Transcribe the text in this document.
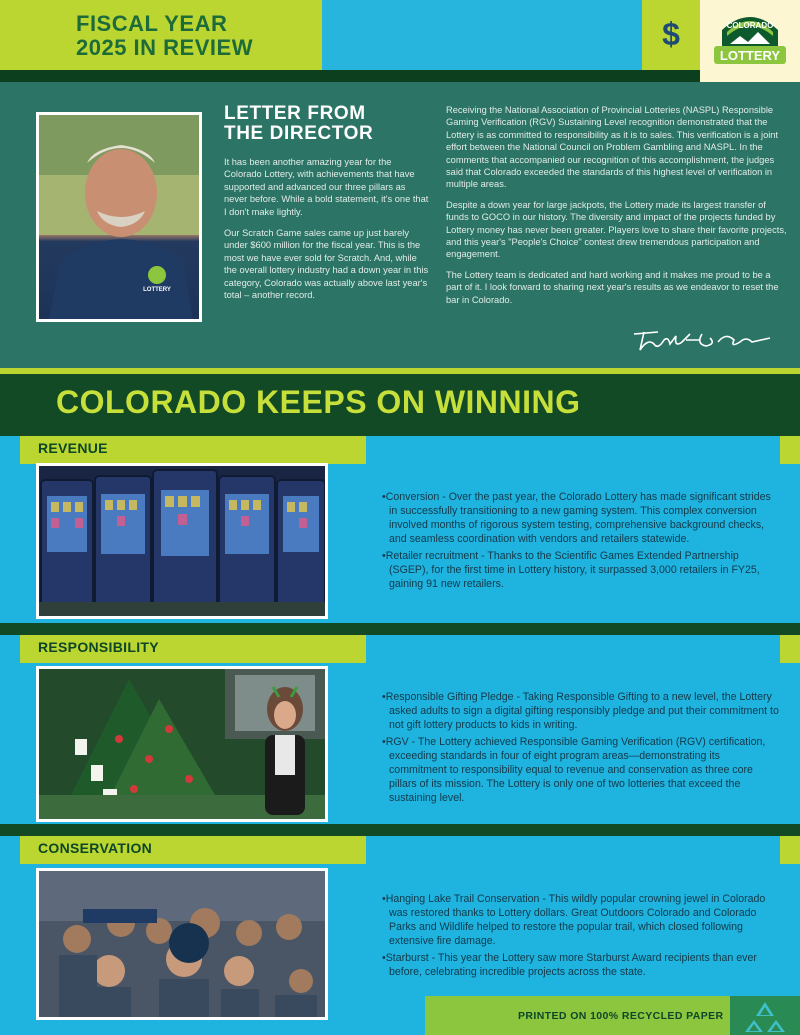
FISCAL YEAR
2025 IN REVIEW	$	COLORADO
LOTTERY
LOTTERY
LETTER FROM
THE DIRECTOR

It has been another amazing year for the Colorado Lottery, with achievements that have supported and advanced our three pillars as never before. While a bold statement, it's one that I don't make lightly.

Our Scratch Game sales came up just barely under $600 million for the fiscal year. This is the most we have ever sold for Scratch. And, while the overall lottery industry had a down year in this category, Colorado was actually above last year's total – another record.

Receiving the National Association of Provincial Lotteries (NASPL) Responsible Gaming Verification (RGV) Sustaining Level recognition demonstrated that the Lottery is as committed to responsibility as it is to sales. This verification is a joint effort between the National Council on Problem Gambling and NASPL. In the comments that accompanied our recognition of this accomplishment, the judges said that Colorado exceeded the standards of this highest level of verification in multiple areas.

Despite a down year for large jackpots, the Lottery made its largest transfer of funds to GOCO in our history. The diversity and impact of the projects funded by Lottery money has never been greater. Players love to share their favorite projects, and this year's "People's Choice" contest drew tremendous participation and engagement.

The Lottery team is dedicated and hard working and it makes me proud to be a part of it. I look forward to sharing next year's results as we endeavor to reset the bar in Colorado.

COLORADO KEEPS ON WINNING
REVENUE
• Conversion - Over the past year, the Colorado Lottery has made significant strides in successfully transitioning to a new gaming system. This complex conversion involved months of rigorous system testing, comprehensive background checks, and seamless coordination with vendors and retailers statewide.
• Retailer recruitment - Thanks to the Scientific Games Extended Partnership (SGEP), for the first time in Lottery history, it surpassed 3,000 retailers in FY25, gaining 91 new retailers.
RESPONSIBILITY
• Responsible Gifting Pledge - Taking Responsible Gifting to a new level, the Lottery asked adults to sign a digital gifting responsibly pledge and put their commitment to not gift lottery products to kids in writing.
• RGV - The Lottery achieved Responsible Gaming Verification (RGV) certification, exceeding standards in four of eight program areas—demonstrating its commitment to responsibility equal to revenue and conservation as three core pillars of its mission. The Lottery is only one of two lotteries that exceed the sustaining level.
CONSERVATION
• Hanging Lake Trail Conservation - This wildly popular crowning jewel in Colorado was restored thanks to Lottery dollars. Great Outdoors Colorado and Colorado Parks and Wildlife helped to restore the popular trail, which closed following extensive fire damage.
• Starburst - This year the Lottery saw more Starburst Award recipients than ever before, celebrating incredible projects across the state.
PRINTED ON 100% RECYCLED PAPER
